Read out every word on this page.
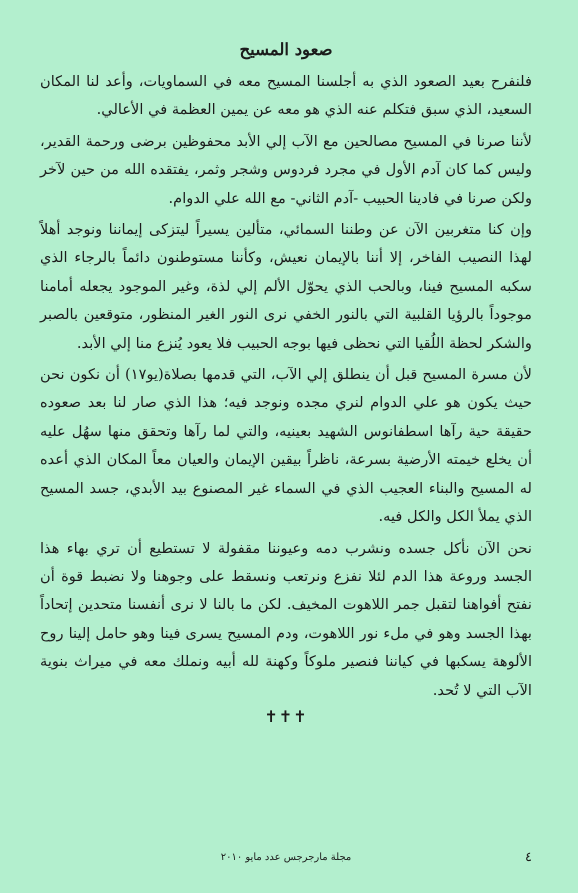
صعود المسيح

فلنفرح بعيد الصعود الذي به أجلسنا المسيح معه في السماويات، وأعد لنا المكان السعيد، الذي سبق فتكلم عنه الذي هو معه عن يمين العظمة في الأعالي.

لأننا صرنا في المسيح مصالحين مع الآب إلي الأبد محفوظين برضى ورحمة القدير، وليس كما كان آدم الأول في مجرد فردوس وشجر وثمر، يفتقده الله من حين لآخر ولكن صرنا في فادينا الحبيب -آدم الثاني- مع الله علي الدوام.

وإن كنا متغربين الآن عن وطننا السمائي، متألين يسيراً ليتزكى إيماننا ونوجد أهلاً لهذا النصيب الفاخر، إلا أننا بالإيمان نعيش، وكأننا مستوطنون دائماً بالرجاء الذي سكبه المسيح فينا، وبالحب الذي يحوّل الألم إلي لذة، وغير الموجود يجعله أمامنا موجوداً بالرؤيا القلبية التي بالنور الخفي نرى النور الغير المنظور، متوقعين بالصبر والشكر لحظة اللُقيا التي نحظى فيها بوجه الحبيب فلا يعود يُنزع منا إلي الأبد.

لأن مسرة المسيح قبل أن ينطلق إلي الآب، التي قدمها بصلاة(يو١٧) أن نكون نحن حيث يكون هو علي الدوام لنري مجده ونوجد فيه؛ هذا الذي صار لنا بعد صعوده حقيقة حية رآها اسطفانوس الشهيد بعينيه، والتي لما رآها وتحقق منها سهُل عليه أن يخلع خيمته الأرضية بسرعة، ناظراً بيقين الإيمان والعيان معاً المكان الذي أعده له المسيح والبناء العجيب الذي في السماء غير المصنوع بيد الأبدي، جسد المسيح الذي يملأ الكل والكل فيه.

نحن الآن نأكل جسده ونشرب دمه وعيوننا مقفولة لا تستطيع أن تري بهاء هذا الجسد وروعة هذا الدم لئلا نفزع ونرتعب ونسقط على وجوهنا ولا نضبط قوة أن نفتح أفواهنا لتقبل جمر اللاهوت المخيف. لكن ما بالنا لا نرى أنفسنا متحدين إتحاداً بهذا الجسد وهو في ملء نور اللاهوت، ودم المسيح يسرى فينا وهو حامل إلينا روح الألوهة يسكبها في كياننا فنصير ملوكاً وكهنة لله أبيه ونملك معه في ميراث بنوية الآب التي لا تُحد.

✝✝✝
٤
مجلة مارجرجس عدد مايو ٢٠١٠
